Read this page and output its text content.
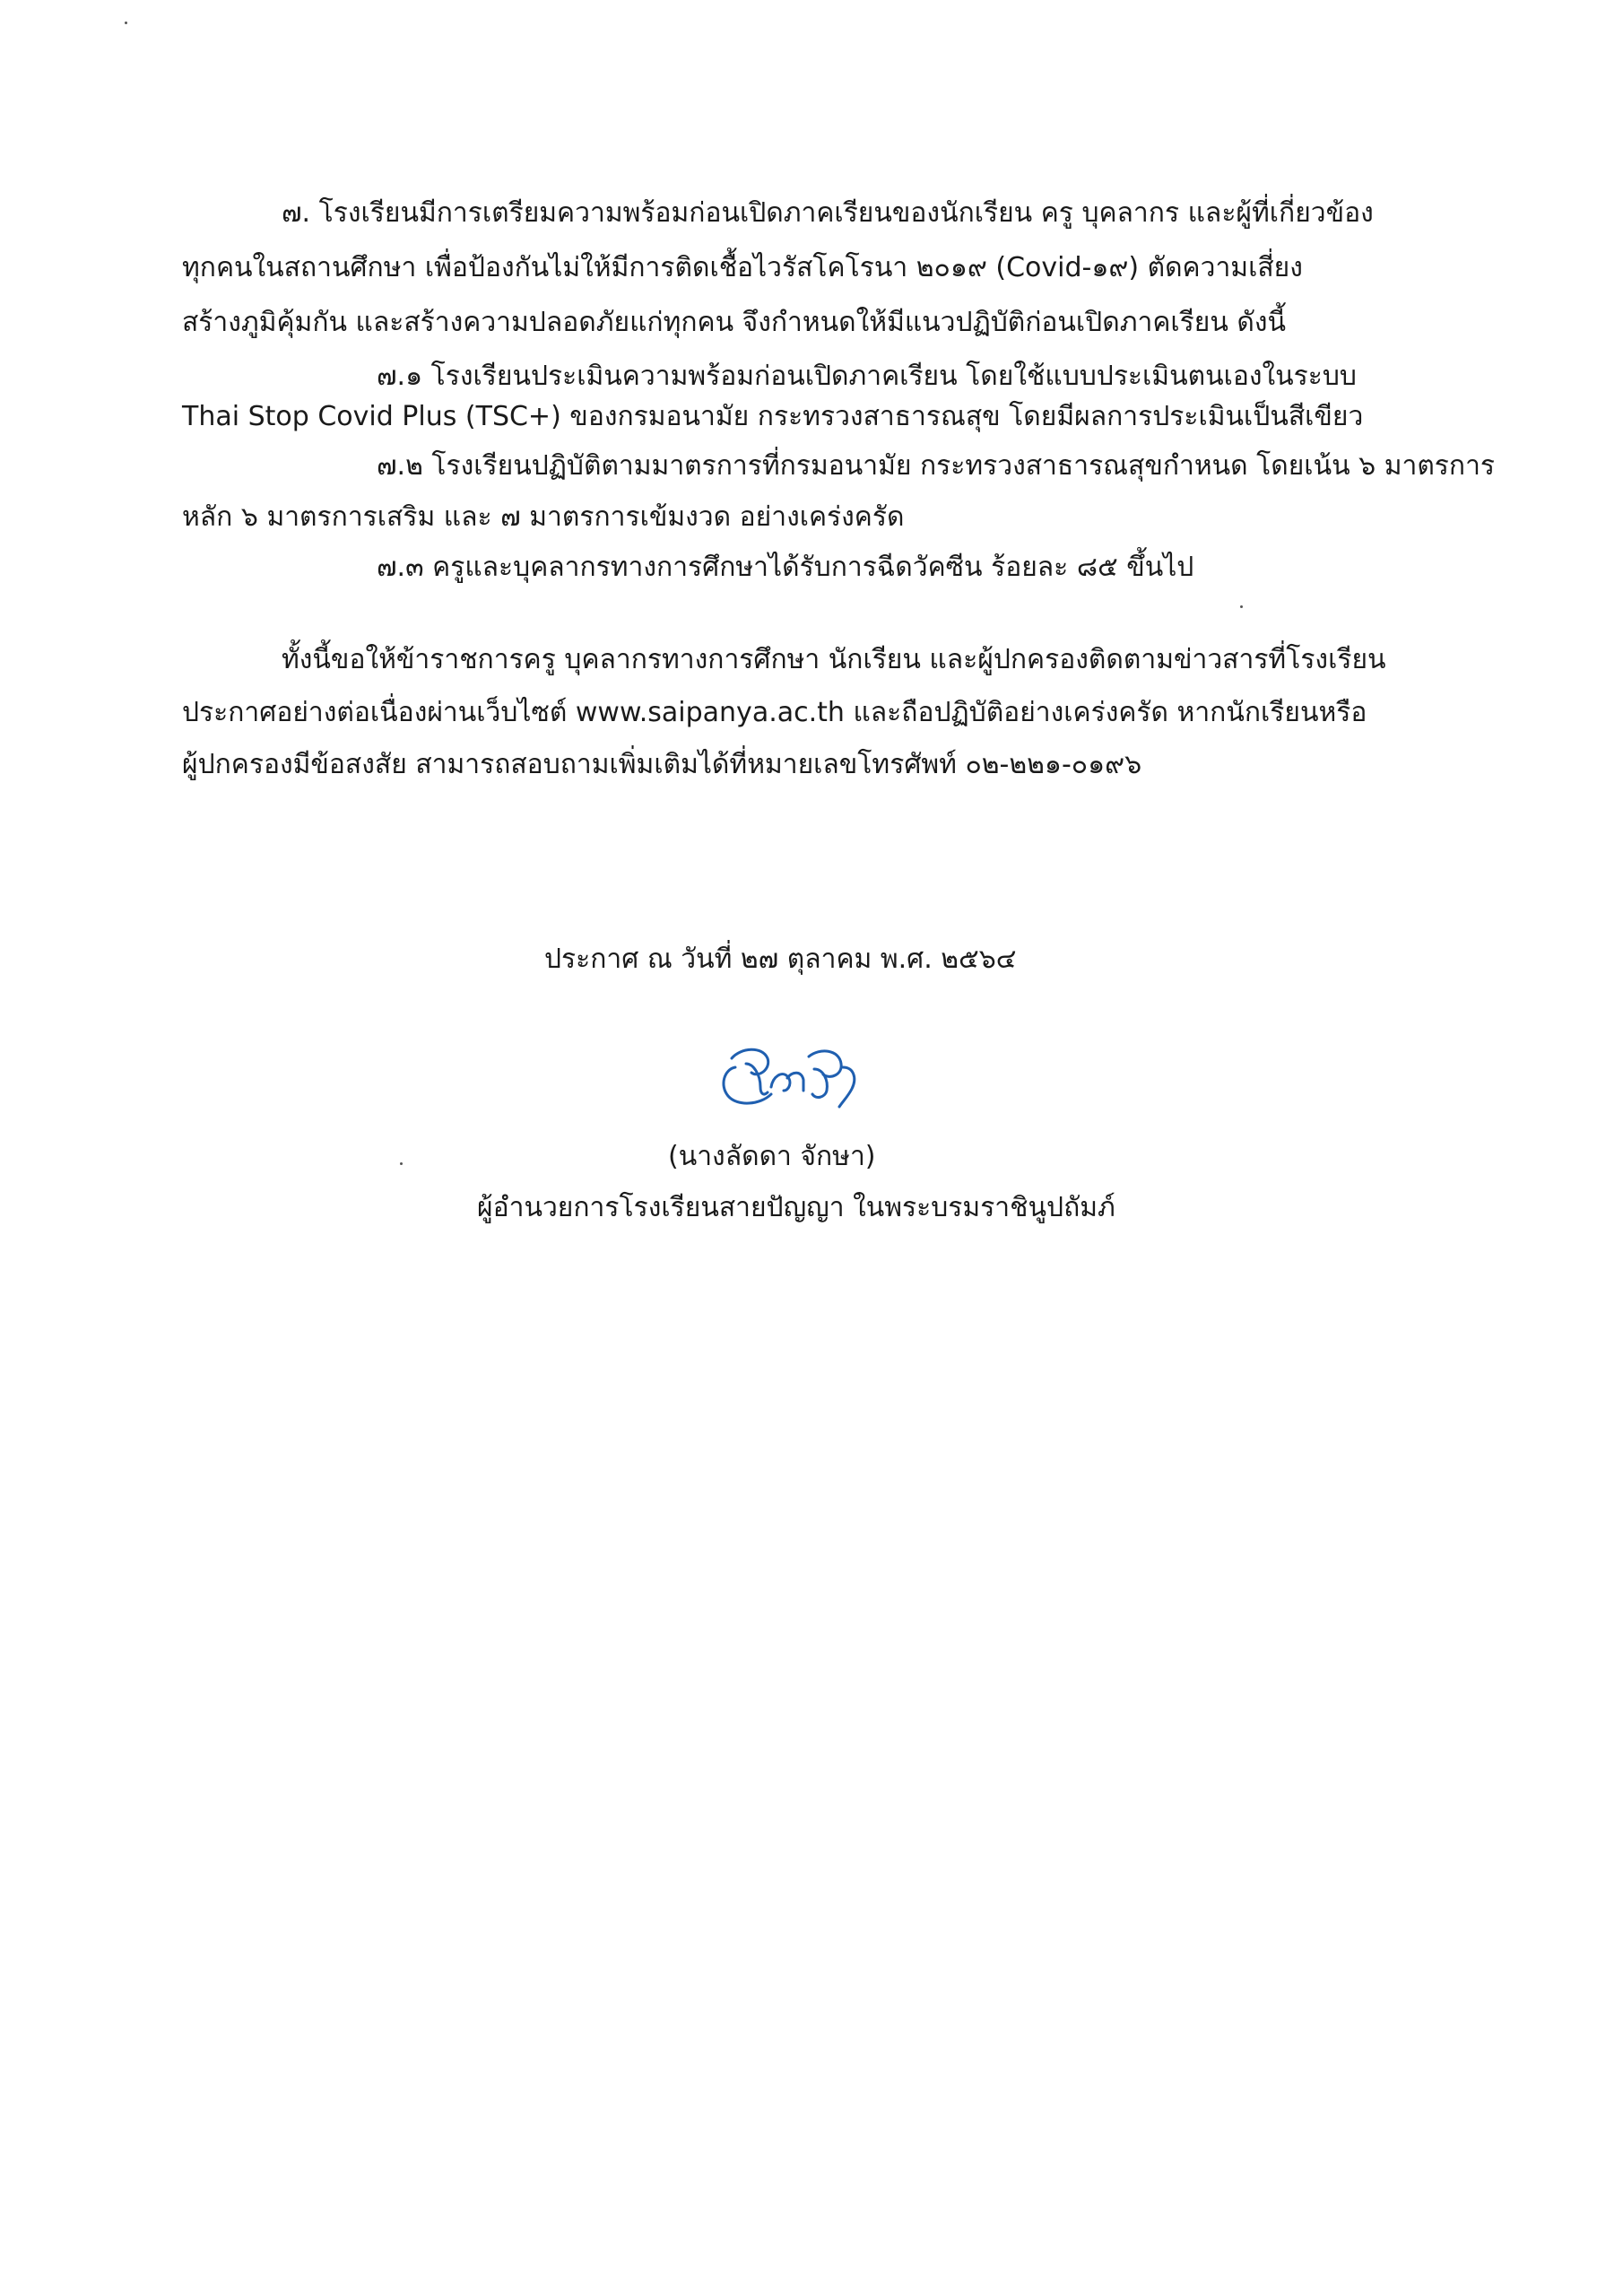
๗. โรงเรียนมีการเตรียมความพร้อมก่อนเปิดภาคเรียนของนักเรียน ครู บุคลากร และผู้ที่เกี่ยวข้อง
ทุกคนในสถานศึกษา เพื่อป้องกันไม่ให้มีการติดเชื้อไวรัสโคโรนา ๒๐๑๙ (Covid-๑๙) ตัดความเสี่ยง
สร้างภูมิคุ้มกัน และสร้างความปลอดภัยแก่ทุกคน จึงกำหนดให้มีแนวปฏิบัติก่อนเปิดภาคเรียน ดังนี้
๗.๑ โรงเรียนประเมินความพร้อมก่อนเปิดภาคเรียน โดยใช้แบบประเมินตนเองในระบบ
Thai Stop Covid Plus (TSC+) ของกรมอนามัย กระทรวงสาธารณสุข โดยมีผลการประเมินเป็นสีเขียว
๗.๒ โรงเรียนปฏิบัติตามมาตรการที่กรมอนามัย กระทรวงสาธารณสุขกำหนด โดยเน้น ๖ มาตรการ
หลัก ๖ มาตรการเสริม และ ๗ มาตรการเข้มงวด อย่างเคร่งครัด
๗.๓ ครูและบุคลากรทางการศึกษาได้รับการฉีดวัคซีน ร้อยละ ๘๕ ขึ้นไป
ทั้งนี้ขอให้ข้าราชการครู บุคลากรทางการศึกษา นักเรียน และผู้ปกครองติดตามข่าวสารที่โรงเรียน
ประกาศอย่างต่อเนื่องผ่านเว็บไซต์ www.saipanya.ac.th และถือปฏิบัติอย่างเคร่งครัด หากนักเรียนหรือ
ผู้ปกครองมีข้อสงสัย สามารถสอบถามเพิ่มเติมได้ที่หมายเลขโทรศัพท์ ๐๒-๒๒๑-๐๑๙๖
ประกาศ ณ วันที่ ๒๗ ตุลาคม พ.ศ. ๒๕๖๔
(นางลัดดา จักษา)
ผู้อำนวยการโรงเรียนสายปัญญา ในพระบรมราชินูปถัมภ์
